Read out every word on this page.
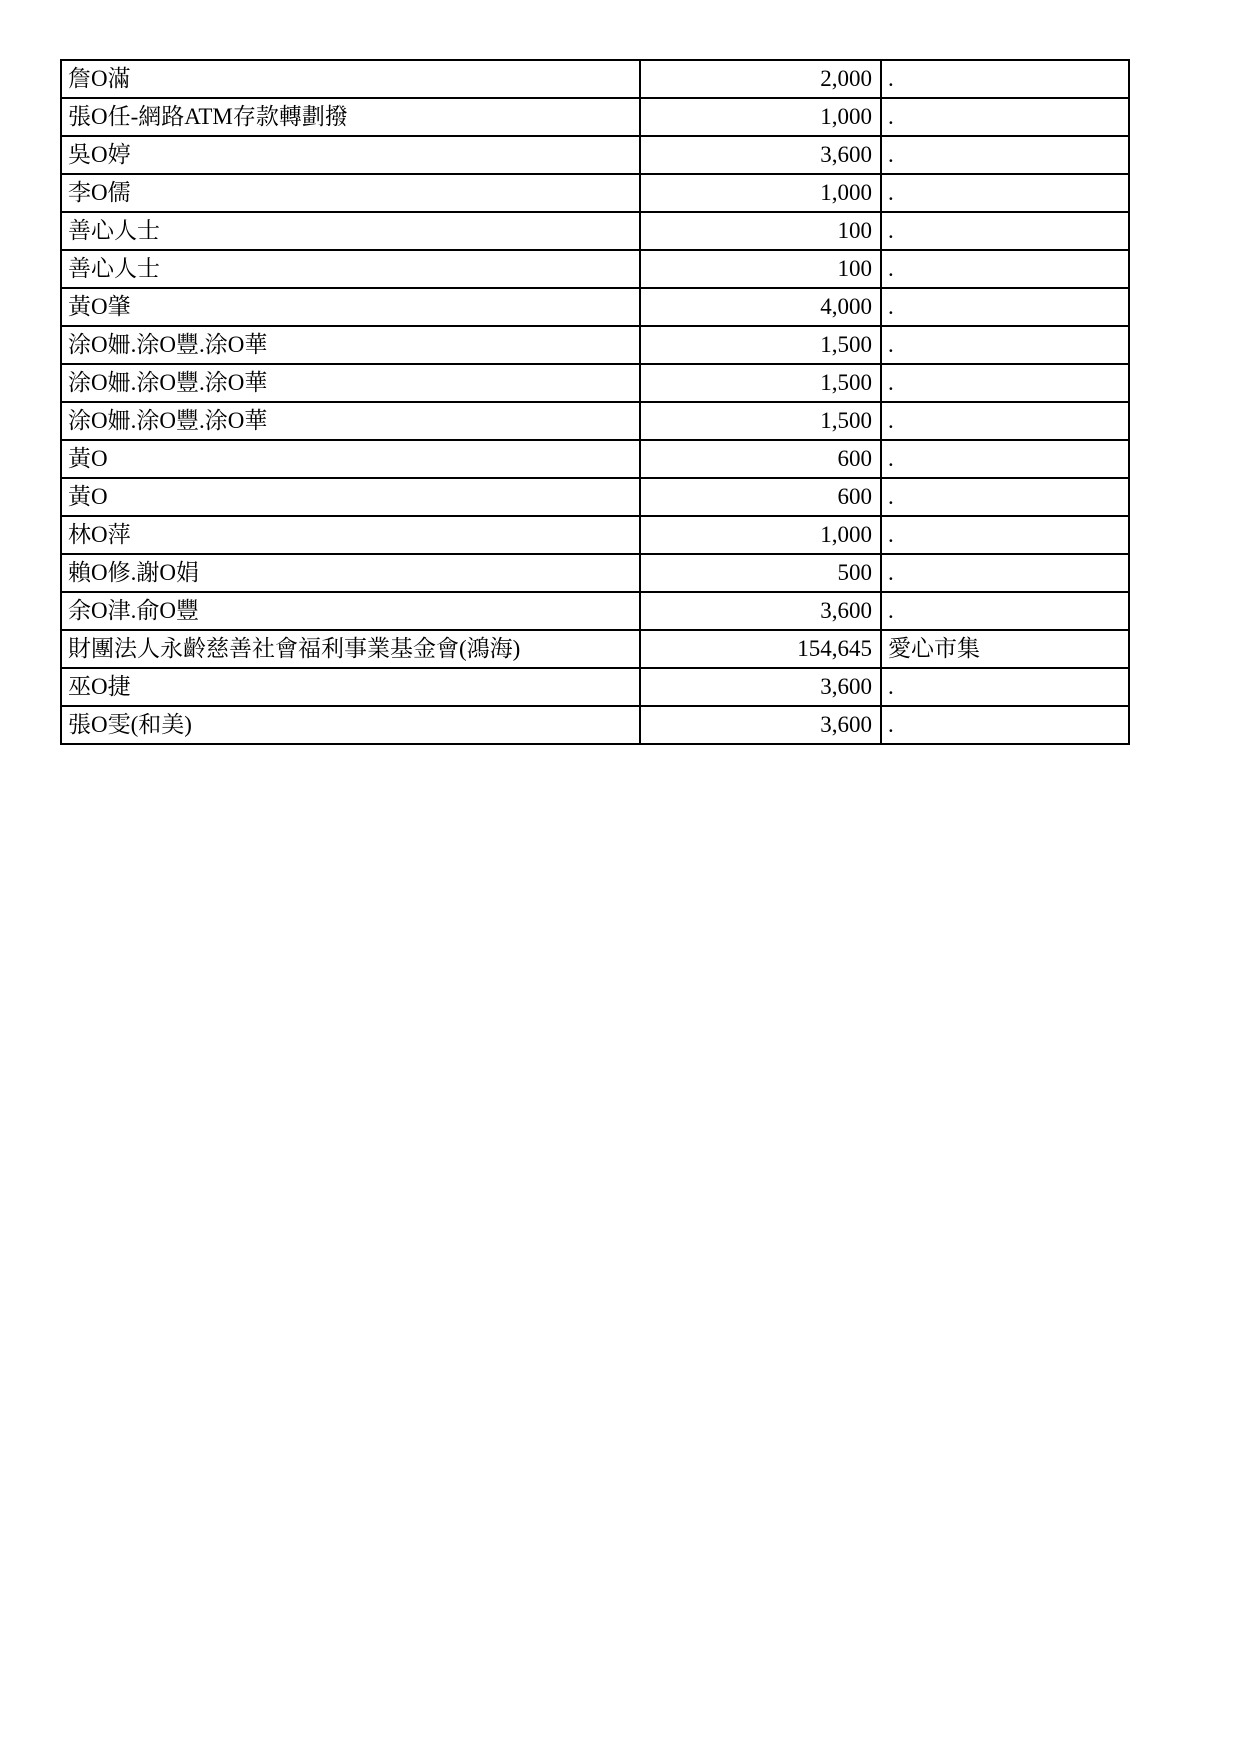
詹O滿	2,000	.
張O任-網路ATM存款轉劃撥	1,000	.
吳O婷	3,600	.
李O儒	1,000	.
善心人士	100	.
善心人士	100	.
黃O肇	4,000	.
涂O姍.涂O豐.涂O華	1,500	.
涂O姍.涂O豐.涂O華	1,500	.
涂O姍.涂O豐.涂O華	1,500	.
黃O	600	.
黃O	600	.
林O萍	1,000	.
賴O修.謝O娟	500	.
余O津.俞O豐	3,600	.
財團法人永齡慈善社會福利事業基金會(鴻海)	154,645	愛心市集
巫O捷	3,600	.
張O雯(和美)	3,600	.
